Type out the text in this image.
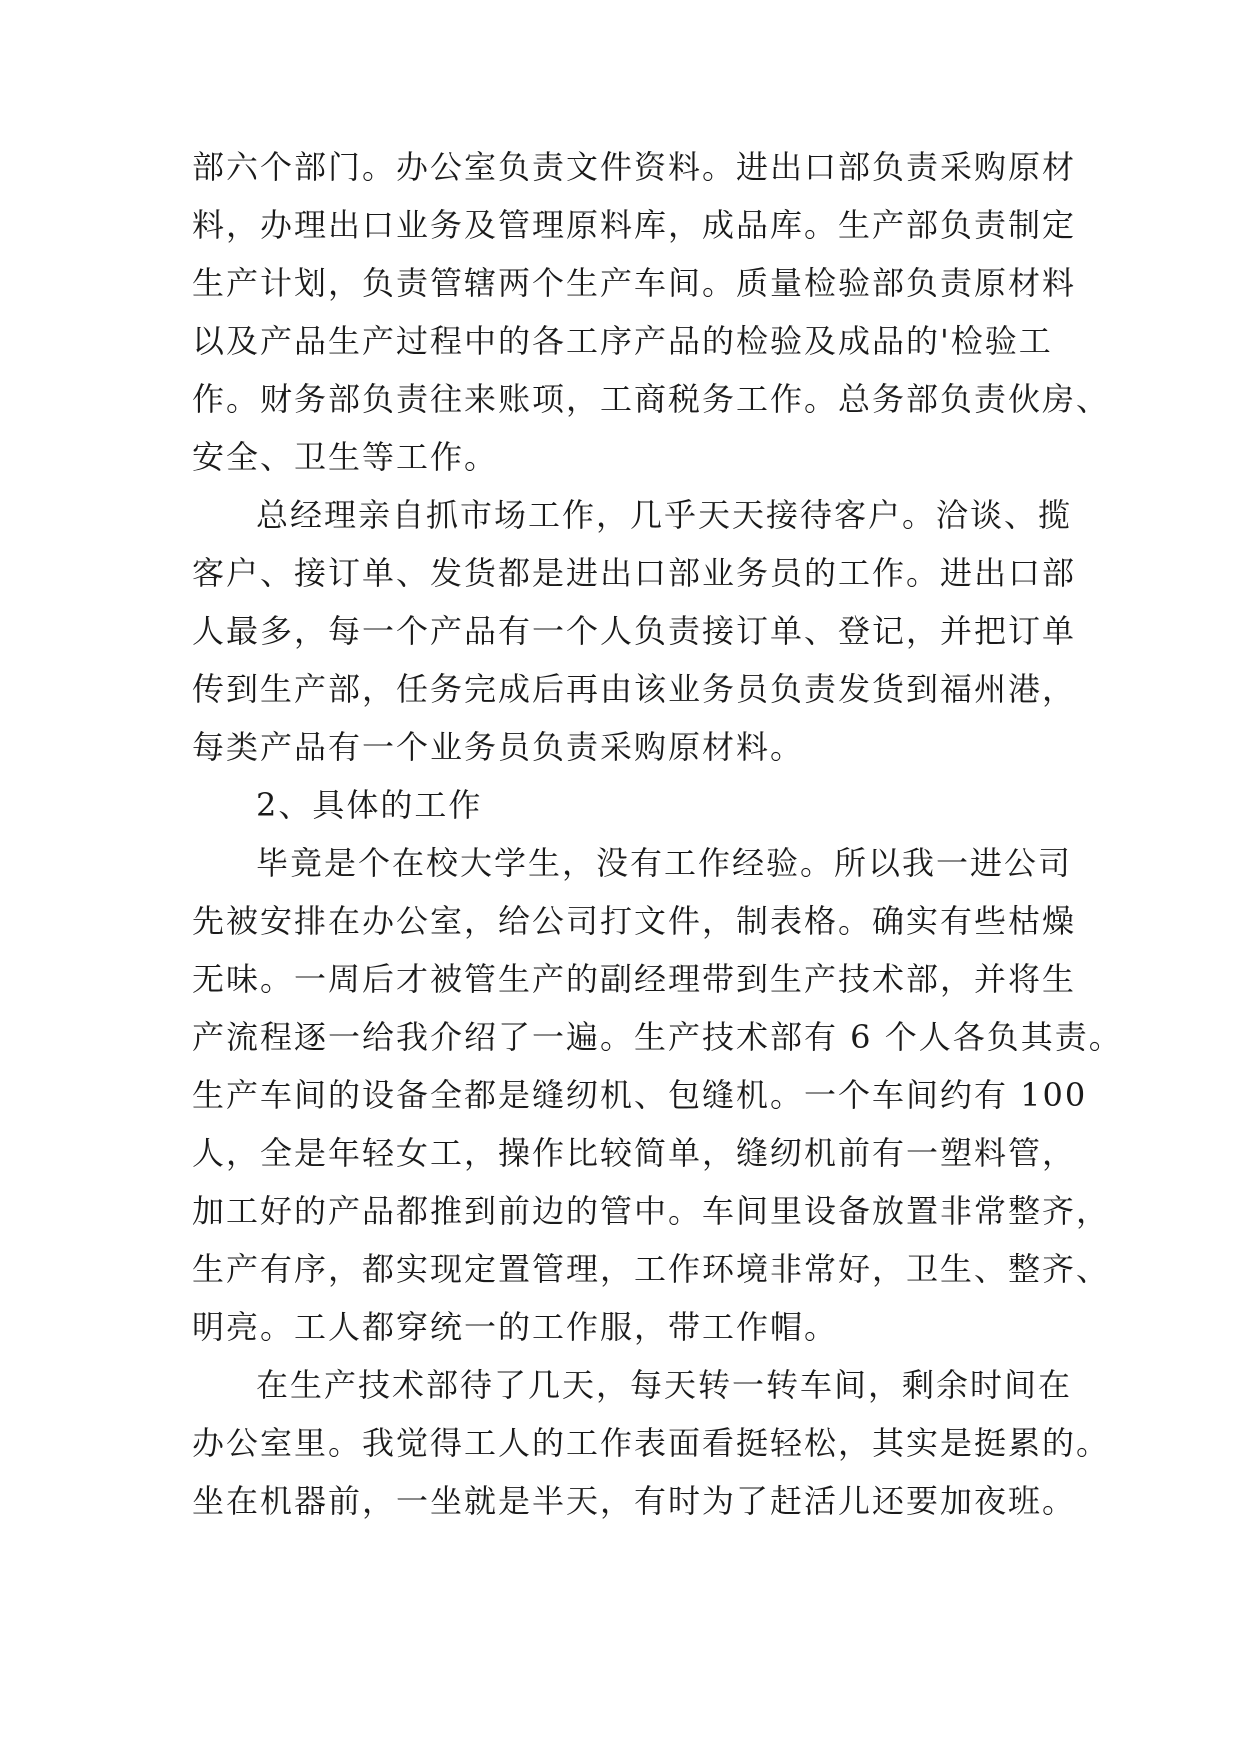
部六个部门。办公室负责文件资料。进出口部负责采购原材
料，办理出口业务及管理原料库，成品库。生产部负责制定
生产计划，负责管辖两个生产车间。质量检验部负责原材料
以及产品生产过程中的各工序产品的检验及成品的'检验工
作。财务部负责往来账项，工商税务工作。总务部负责伙房、
安全、卫生等工作。
总经理亲自抓市场工作，几乎天天接待客户。洽谈、揽
客户、接订单、发货都是进出口部业务员的工作。进出口部
人最多，每一个产品有一个人负责接订单、登记，并把订单
传到生产部，任务完成后再由该业务员负责发货到福州港，
每类产品有一个业务员负责采购原材料。
2、具体的工作
毕竟是个在校大学生，没有工作经验。所以我一进公司
先被安排在办公室，给公司打文件，制表格。确实有些枯燥
无味。一周后才被管生产的副经理带到生产技术部，并将生
产流程逐一给我介绍了一遍。生产技术部有 6 个人各负其责。
生产车间的设备全都是缝纫机、包缝机。一个车间约有 100
人，全是年轻女工，操作比较简单，缝纫机前有一塑料管，
加工好的产品都推到前边的管中。车间里设备放置非常整齐，
生产有序，都实现定置管理，工作环境非常好，卫生、整齐、
明亮。工人都穿统一的工作服，带工作帽。
在生产技术部待了几天，每天转一转车间，剩余时间在
办公室里。我觉得工人的工作表面看挺轻松，其实是挺累的。
坐在机器前，一坐就是半天，有时为了赶活儿还要加夜班。
